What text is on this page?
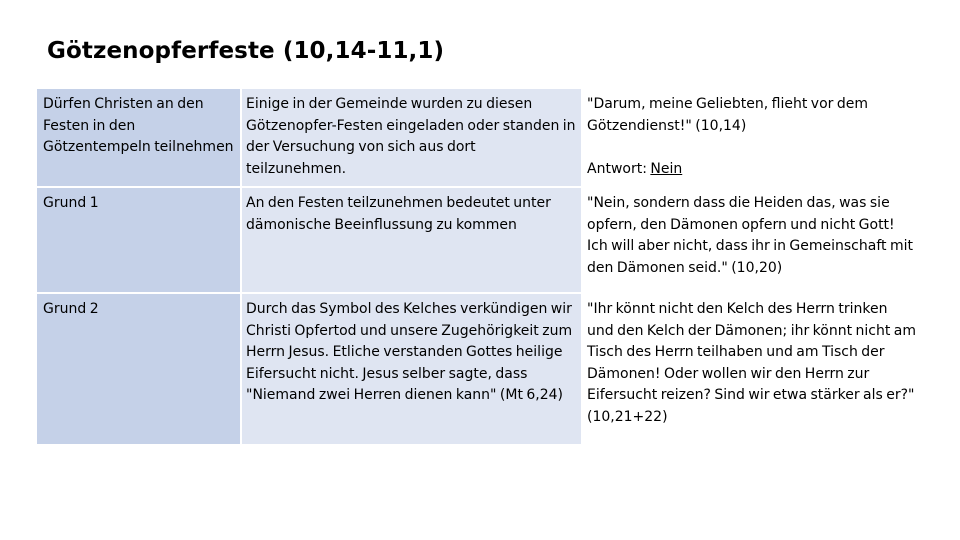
Götzenopferfeste (10,14-11,1)
Dürfen Christen an den Festen in den Götzentempeln teilnehmen
Einige in der Gemeinde wurden zu diesen Götzenopfer-Festen eingeladen oder standen in der Versuchung von sich aus dort teilzunehmen.
"Darum, meine Geliebten, flieht vor dem Götzendienst!" (10,14)
Antwort: Nein
Grund 1	An den Festen teilzunehmen bedeutet unter dämonische Beeinflussung zu kommen
"Nein, sondern dass die Heiden das, was sie opfern, den Dämonen opfern und nicht Gott! Ich will aber nicht, dass ihr in Gemeinschaft mit den Dämonen seid." (10,20)
Grund 2	Durch das Symbol des Kelches verkündigen wir Christi Opfertod und unsere Zugehörigkeit zum Herrn Jesus. Etliche verstanden Gottes heilige Eifersucht nicht. Jesus selber sagte, dass "Niemand zwei Herren dienen kann" (Mt 6,24)
"Ihr könnt nicht den Kelch des Herrn trinken und den Kelch der Dämonen; ihr könnt nicht am Tisch des Herrn teilhaben und am Tisch der Dämonen! Oder wollen wir den Herrn zur Eifersucht reizen? Sind wir etwa stärker als er?" (10,21+22)
